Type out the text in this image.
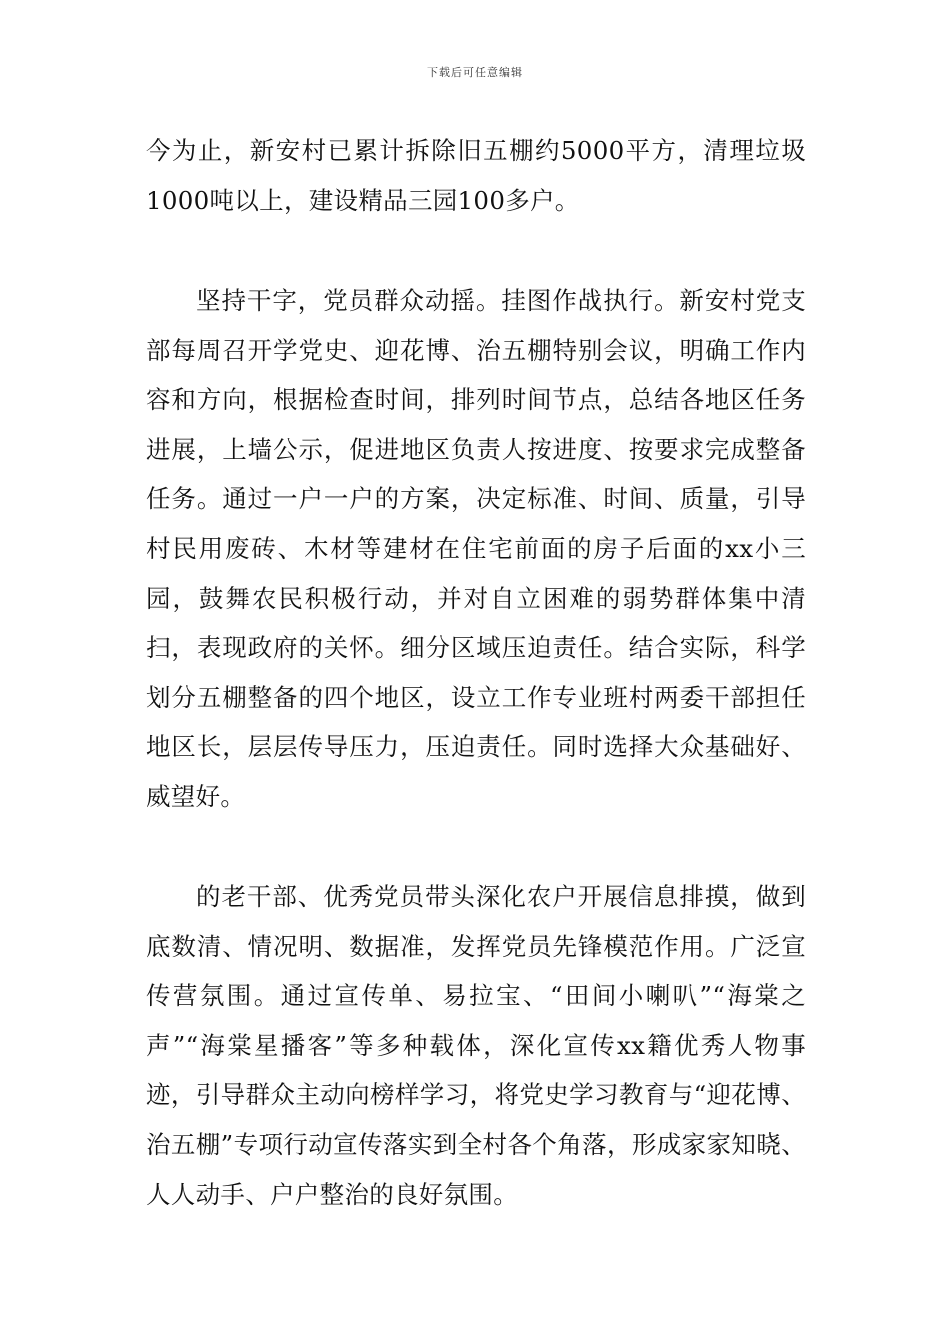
下载后可任意编辑

今为止，新安村已累计拆除旧五棚约5000平方，清理垃圾1000吨以上，建设精品三园100多户。

坚持干字，党员群众动摇。挂图作战执行。新安村党支部每周召开学党史、迎花博、治五棚特别会议，明确工作内容和方向，根据检查时间，排列时间节点，总结各地区任务进展，上墙公示，促进地区负责人按进度、按要求完成整备任务。通过一户一户的方案，决定标准、时间、质量，引导村民用废砖、木材等建材在住宅前面的房子后面的xx小三园，鼓舞农民积极行动，并对自立困难的弱势群体集中清扫，表现政府的关怀。细分区域压迫责任。结合实际，科学划分五棚整备的四个地区，设立工作专业班村两委干部担任地区长，层层传导压力，压迫责任。同时选择大众基础好、威望好。

的老干部、优秀党员带头深化农户开展信息排摸，做到底数清、情况明、数据准，发挥党员先锋模范作用。广泛宣传营氛围。通过宣传单、易拉宝、“田间小喇叭”“海棠之声”“海棠星播客”等多种载体，深化宣传xx籍优秀人物事迹，引导群众主动向榜样学习，将党史学习教育与“迎花博、治五棚”专项行动宣传落实到全村各个角落，形成家家知晓、人人动手、户户整治的良好氛围。
